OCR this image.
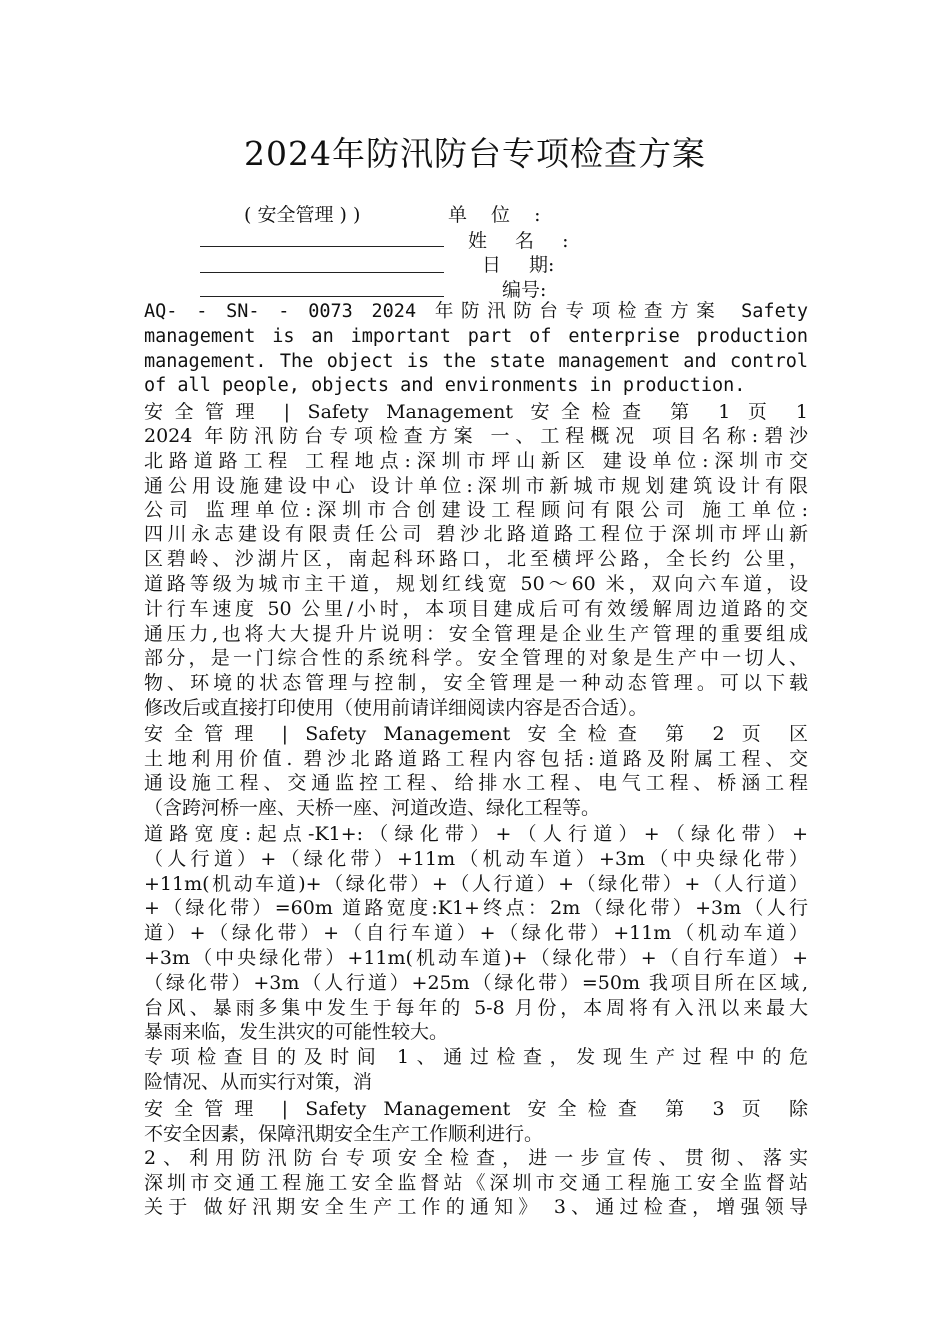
2024年防汛防台专项检查方案
( 安全管理 ) )	单 位 :
姓 名 :
日 期:
编号:
AQ- - SN- - 0073 2024 年防汛防台专项检查方案 Safety
management is an important part of enterprise production
management. The object is the state management and control
of all people, objects and environments in production.
安全管理 | Safety Management 安全检查 第 1 页 1
2024 年防汛防台专项检查方案 一、工程概况 项目名称:碧沙
北路道路工程 工程地点:深圳市坪山新区 建设单位:深圳市交
通公用设施建设中心 设计单位:深圳市新城市规划建筑设计有限
公司 监理单位:深圳市合创建设工程顾问有限公司 施工单位:
四川永志建设有限责任公司 碧沙北路道路工程位于深圳市坪山新
区碧岭、沙湖片区，南起科环路口，北至横坪公路，全长约 公里，
道路等级为城市主干道，规划红线宽 50～60 米，双向六车道，设
计行车速度 50 公里/小时，本项目建成后可有效缓解周边道路的交
通压力,也将大大提升片说明：安全管理是企业生产管理的重要组成
部分，是一门综合性的系统科学。安全管理的对象是生产中一切人、
物、环境的状态管理与控制，安全管理是一种动态管理。可以下载
修改后或直接打印使用（使用前请详细阅读内容是否合适）。
安全管理 | Safety Management 安全检查 第 2 页 区
土地利用价值. 碧沙北路道路工程内容包括:道路及附属工程、交
通设施工程、交通监控工程、给排水工程、电气工程、桥涵工程
（含跨河桥一座、天桥一座、河道改造、绿化工程等。
道路宽度:起点-K1+:（绿化带）+（人行道）+（绿化带）+
（人行道）+（绿化带）+11m（机动车道）+3m（中央绿化带）
+11m(机动车道)+（绿化带）+（人行道）+（绿化带）+（人行道）
+（绿化带）=60m 道路宽度:K1+终点：2m（绿化带）+3m（人行
道）+（绿化带）+（自行车道）+（绿化带）+11m（机动车道）
+3m（中央绿化带）+11m(机动车道)+（绿化带）+（自行车道）+
（绿化带）+3m（人行道）+25m（绿化带）=50m 我项目所在区域,
台风、暴雨多集中发生于每年的 5-8 月份，本周将有入汛以来最大
暴雨来临，发生洪灾的可能性较大。
专项检查目的及时间 1、通过检查，发现生产过程中的危
险情况、从而实行对策，消
安全管理 | Safety Management 安全检查 第 3 页 除
不安全因素，保障汛期安全生产工作顺利进行。
2、利用防汛防台专项安全检查，进一步宣传、贯彻、落实
深圳市交通工程施工安全监督站《深圳市交通工程施工安全监督站
关于 做好汛期安全生产工作的通知》 3、通过检查，增强领导
